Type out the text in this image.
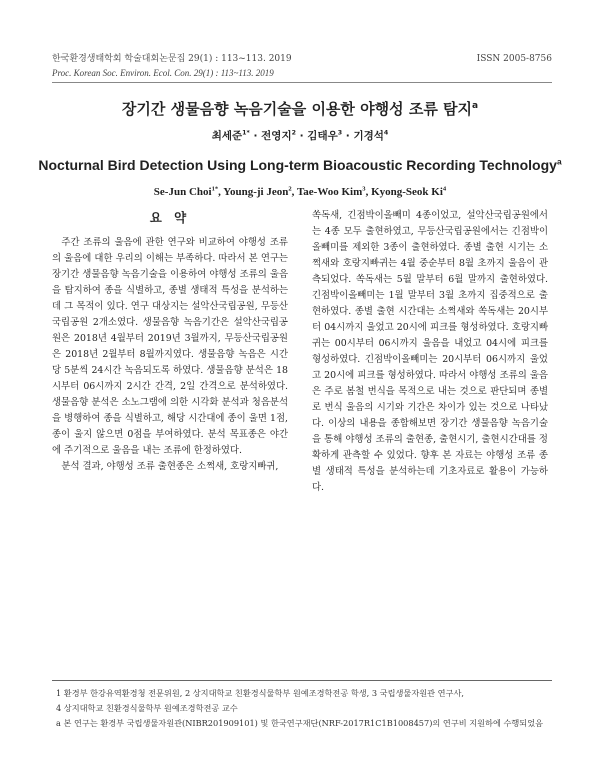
한국환경생태학회 학술대회논문집 29(1) : 113~113. 2019	ISSN 2005-8756
Proc. Korean Soc. Environ. Ecol. Con. 29(1) : 113~113. 2019
장기간 생물음향 녹음기술을 이용한 야행성 조류 탐지$^a$
최세준$^{1*}$ · 전영지$^2$ · 김태우$^3$ · 기경석$^4$
Nocturnal Bird Detection Using Long-term Bioacoustic Recording Technology$^a$
Se-Jun Choi$^{1*}$, Young-ji Jeon$^2$, Tae-Woo Kim$^3$, Kyong-Seok Ki$^4$
요 약

주간 조류의 울음에 관한 연구와 비교하여 야행성 조류의 울음에 대한 우리의 이해는 부족하다. 따라서 본 연구는 장기간 생물음향 녹음기술을 이용하여 야행성 조류의 울음을 탐지하여 종을 식별하고, 종별 생태적 특성을 분석하는데 그 목적이 있다. 연구 대상지는 설악산국립공원, 무등산국립공원 2개소였다. 생물음향 녹음기간은 설악산국립공원은 2018년 4월부터 2019년 3월까지, 무등산국립공원은 2018년 2월부터 8월까지였다. 생물음향 녹음은 시간당 5분씩 24시간 녹음되도록 하였다. 생물음향 분석은 18시부터 06시까지 2시간 간격, 2일 간격으로 분석하였다. 생물음향 분석은 소노그램에 의한 시각화 분석과 청음분석을 병행하여 종을 식별하고, 해당 시간대에 종이 울면 1점, 종이 울지 않으면 0점을 부여하였다. 분석 목표종은 야간에 주기적으로 울음을 내는 조류에 한정하였다.

분석 결과, 야행성 조류 출현종은 소쩍새, 호랑지빠귀,

쏙독새, 긴점박이올빼미 4종이었고, 설악산국립공원에서는 4종 모두 출현하였고, 무등산국립공원에서는 긴점박이올빼미를 제외한 3종이 출현하였다. 종별 출현 시기는 소쩍새와 호랑지빠귀는 4월 중순부터 8월 초까지 울음이 관측되었다. 쏙독새는 5월 말부터 6월 말까지 출현하였다. 긴점박이올빼미는 1월 말부터 3월 초까지 집중적으로 출현하였다. 종별 출현 시간대는 소쩍새와 쏙독새는 20시부터 04시까지 울었고 20시에 피크를 형성하였다. 호랑지빠귀는 00시부터 06시까지 울음을 내었고 04시에 피크를 형성하였다. 긴점박이올빼미는 20시부터 06시까지 울었고 20시에 피크를 형성하였다. 따라서 야행성 조류의 울음은 주로 봄철 번식을 목적으로 내는 것으로 판단되며 종별로 번식 울음의 시기와 기간은 차이가 있는 것으로 나타났다. 이상의 내용을 종합해보면 장기간 생물음향 녹음기술을 통해 야행성 조류의 출현종, 출현시기, 출현시간대를 정확하게 관측할 수 있었다. 향후 본 자료는 야행성 조류 종별 생태적 특성을 분석하는데 기초자료로 활용이 가능하다.

1 환경부 한강유역환경청 전문위원, 2 상지대학교 친환경식물학부 원예조경학전공 학생, 3 국립생물자원관 연구사,
4 상지대학교 친환경식물학부 원예조경학전공 교수
a 본 연구는 환경부 국립생물자원관(NIBR201909101) 및 한국연구재단(NRF-2017R1C1B1008457)의 연구비 지원하에 수행되었음
